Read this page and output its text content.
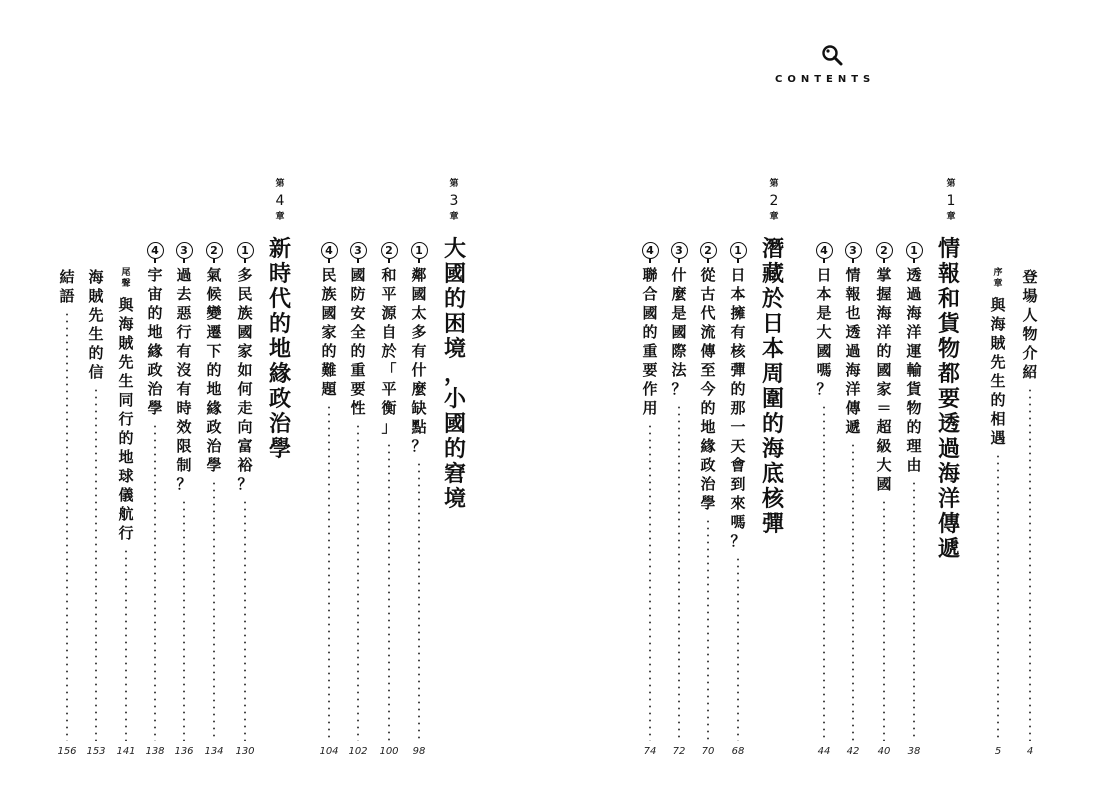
CONTENTS
登
場
人
物
介
紹
4
序
章
與
海
賊
先
生
的
相
遇
5
第
1
章
情
報
和
貨
物
都
要
透
過
海
洋
傳
遞
1
透
過
海
洋
運
輸
貨
物
的
理
由
38
2
掌
握
海
洋
的
國
家
＝
超
級
大
國
40
3
情
報
也
透
過
海
洋
傳
遞
42
4
日
本
是
大
國
嗎
？
44
第
2
章
潛
藏
於
日
本
周
圍
的
海
底
核
彈
1
日
本
擁
有
核
彈
的
那
一
天
會
到
來
嗎
？
68
2
從
古
代
流
傳
至
今
的
地
緣
政
治
學
70
3
什
麼
是
國
際
法
？
72
4
聯
合
國
的
重
要
作
用
74
第
3
章
大
國
的
困
境
，
小
國
的
窘
境
1
鄰
國
太
多
有
什
麼
缺
點
？
98
2
和
平
源
自
於
「
平
衡
」
100
3
國
防
安
全
的
重
要
性
102
4
民
族
國
家
的
難
題
104
第
4
章
新
時
代
的
地
緣
政
治
學
1
多
民
族
國
家
如
何
走
向
富
裕
？
130
2
氣
候
變
遷
下
的
地
緣
政
治
學
134
3
過
去
惡
行
有
沒
有
時
效
限
制
？
136
4
宇
宙
的
地
緣
政
治
學
138
尾
聲
與
海
賊
先
生
同
行
的
地
球
儀
航
行
141
海
賊
先
生
的
信
153
結
語
156
